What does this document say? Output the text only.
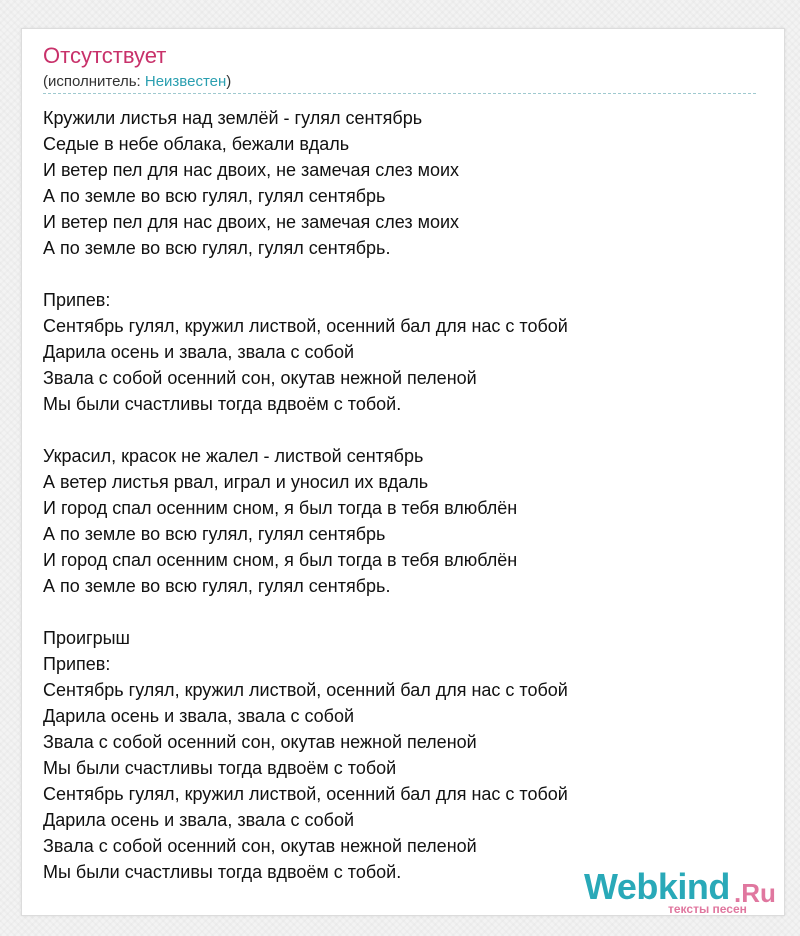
Отсутствует
(исполнитель: Неизвестен)
Кружили листья над землёй - гулял сентябрь
Седые в небе облака, бежали вдаль
И ветер пел для нас двоих, не замечая слез моих
А по земле во всю гулял, гулял сентябрь
И ветер пел для нас двоих, не замечая слез моих
А по земле во всю гулял, гулял сентябрь.
Припев:
Сентябрь гулял, кружил листвой, осенний бал для нас с тобой
Дарила осень и звала, звала с собой
Звала с собой осенний сон, окутав нежной пеленой
Мы были счастливы тогда вдвоём с тобой.
Украсил, красок не жалел - листвой сентябрь
А ветер листья рвал, играл и уносил их вдаль
И город спал осенним сном, я был тогда в тебя влюблён
А по земле во всю гулял, гулял сентябрь
И город спал осенним сном, я был тогда в тебя влюблён
А по земле во всю гулял, гулял сентябрь.
Проигрыш
Припев:
Сентябрь гулял, кружил листвой, осенний бал для нас с тобой
Дарила осень и звала, звала с собой
Звала с собой осенний сон, окутав нежной пеленой
Мы были счастливы тогда вдвоём с тобой
Сентябрь гулял, кружил листвой, осенний бал для нас с тобой
Дарила осень и звала, звала с собой
Звала с собой осенний сон, окутав нежной пеленой
Мы были счастливы тогда вдвоём с тобой.	Webkind .Ru
тексты песен
